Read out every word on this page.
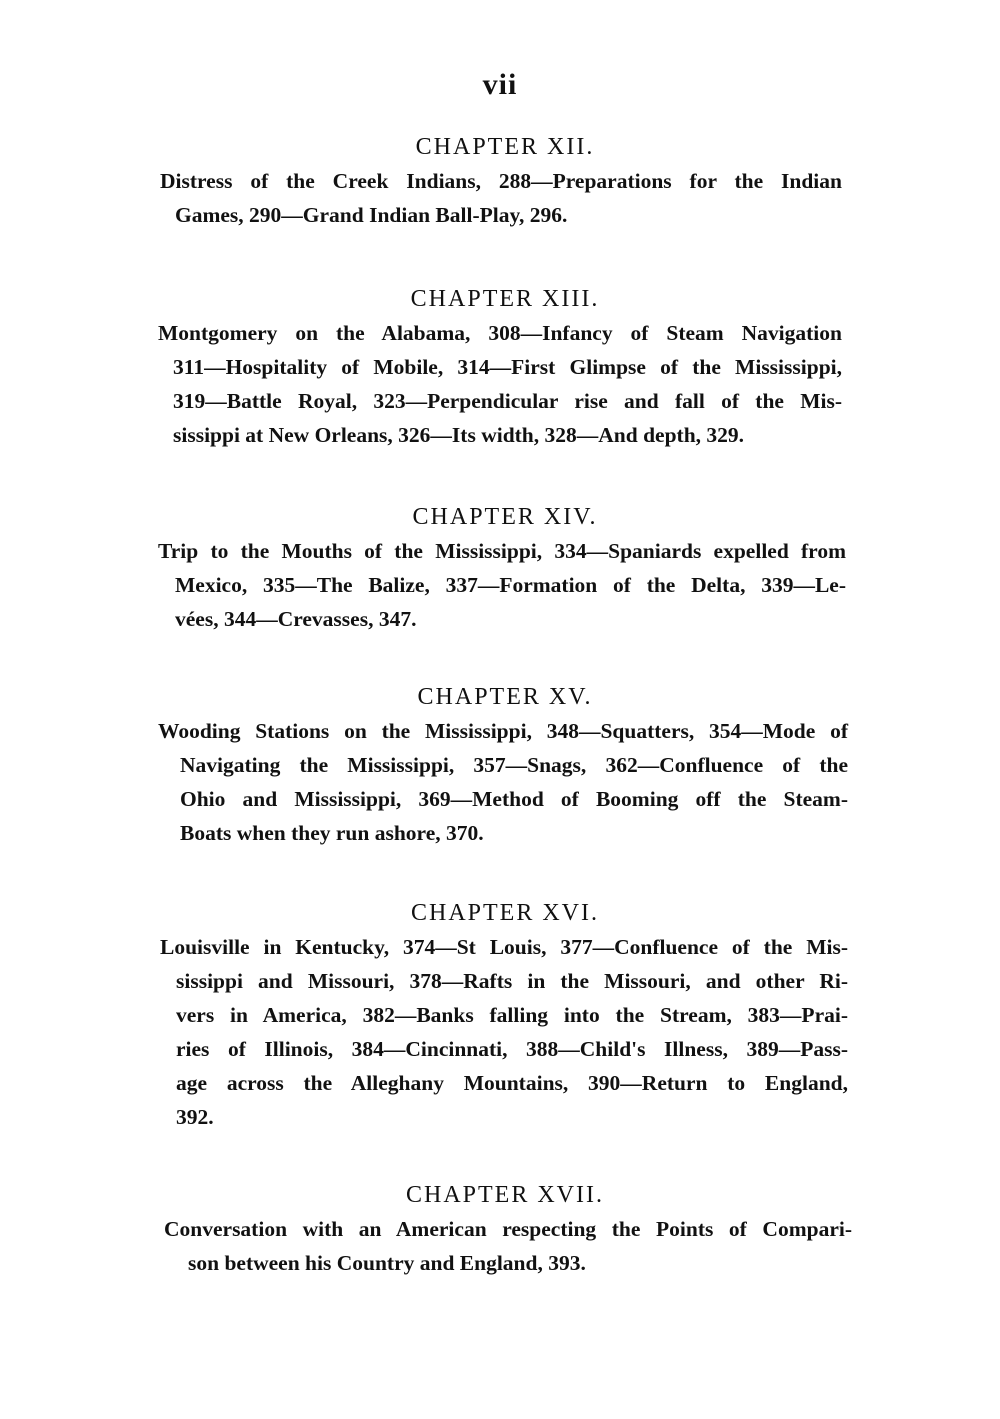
vii
CHAPTER XII.
Distress of the Creek Indians, 288—Preparations for the Indian
Games, 290—Grand Indian Ball-Play, 296.
CHAPTER XIII.
Montgomery on the Alabama, 308—Infancy of Steam Navigation
311—Hospitality of Mobile, 314—First Glimpse of the Mississippi,
319—Battle Royal, 323—Perpendicular rise and fall of the Mis-
sissippi at New Orleans, 326—Its width, 328—And depth, 329.
CHAPTER XIV.
Trip to the Mouths of the Mississippi, 334—Spaniards expelled from
Mexico, 335—The Balize, 337—Formation of the Delta, 339—Le-
vées, 344—Crevasses, 347.
CHAPTER XV.
Wooding Stations on the Mississippi, 348—Squatters, 354—Mode of
Navigating the Mississippi, 357—Snags, 362—Confluence of the
Ohio and Mississippi, 369—Method of Booming off the Steam-
Boats when they run ashore, 370.
CHAPTER XVI.
Louisville in Kentucky, 374—St Louis, 377—Confluence of the Mis-
sissippi and Missouri, 378—Rafts in the Missouri, and other Ri-
vers in America, 382—Banks falling into the Stream, 383—Prai-
ries of Illinois, 384—Cincinnati, 388—Child's Illness, 389—Pass-
age across the Alleghany Mountains, 390—Return to England,
392.
CHAPTER XVII.
Conversation with an American respecting the Points of Compari-
son between his Country and England, 393.
